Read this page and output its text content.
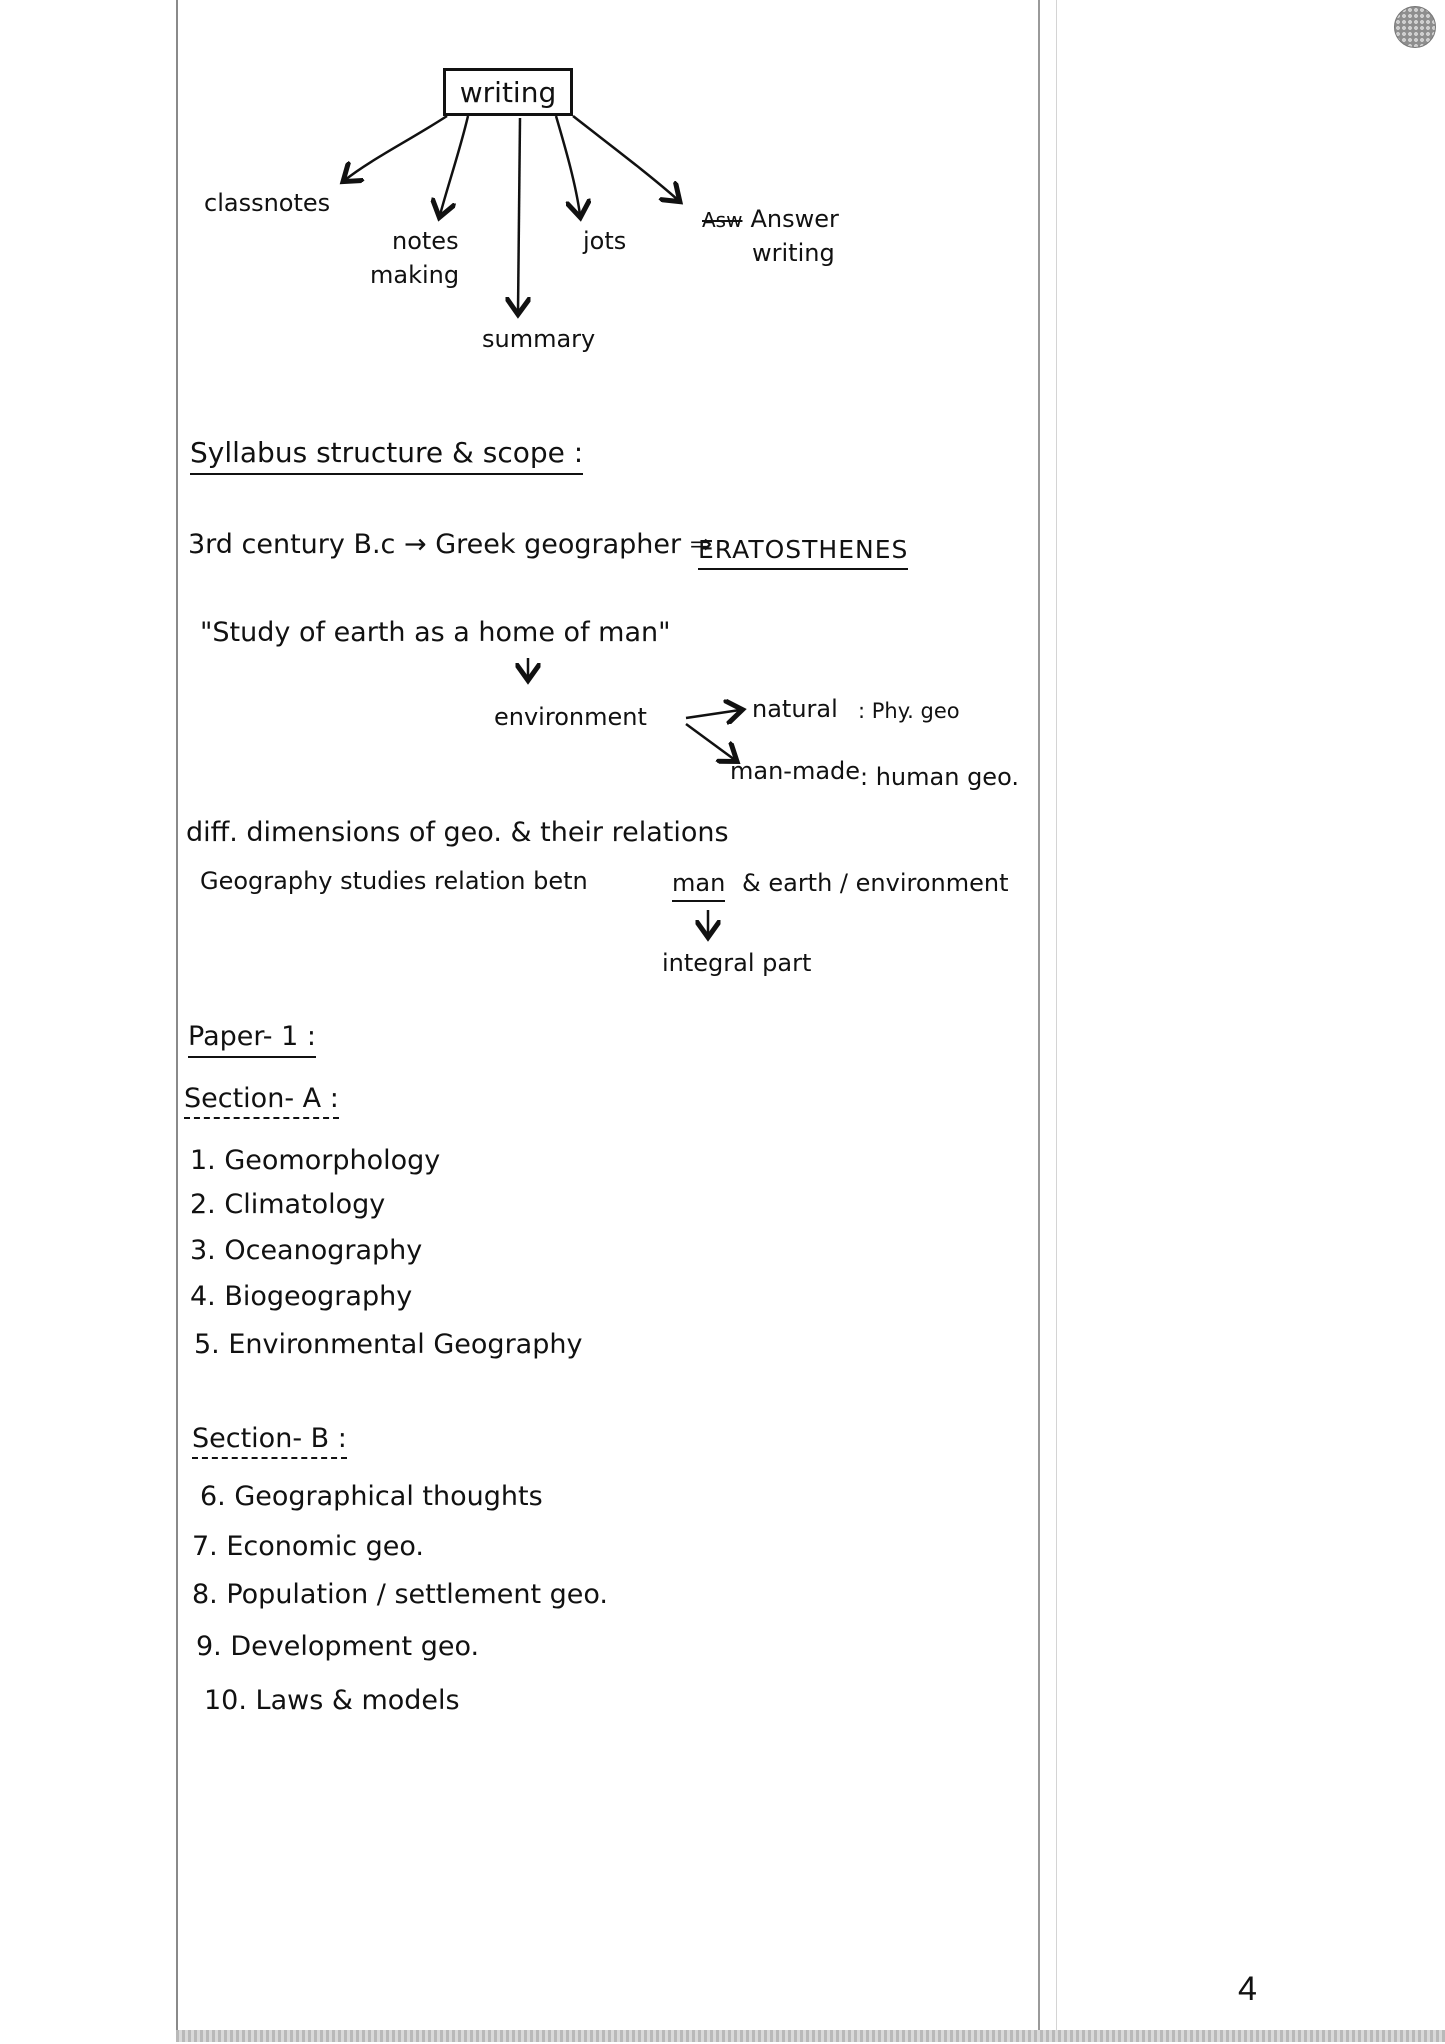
writing
classnotes
notes
making
summary
jots
Asw Answer
writing
Syllabus structure & scope :
3rd century B.c → Greek geographer ⇒
ERATOSTHENES
"Study of earth as a home of man"
environment	natural : Phy. geo
man-made : human geo.
diff. dimensions of geo. & their relations
Geography studies relation betn	man & earth / environment
integral part
Paper- 1 :
Section- A :
1. Geomorphology
2. Climatology
3. Oceanography
4. Biogeography
5. Environmental Geography
Section- B :
6. Geographical thoughts
7. Economic geo.
8. Population / settlement geo.
9. Development geo.
10. Laws & models
4
